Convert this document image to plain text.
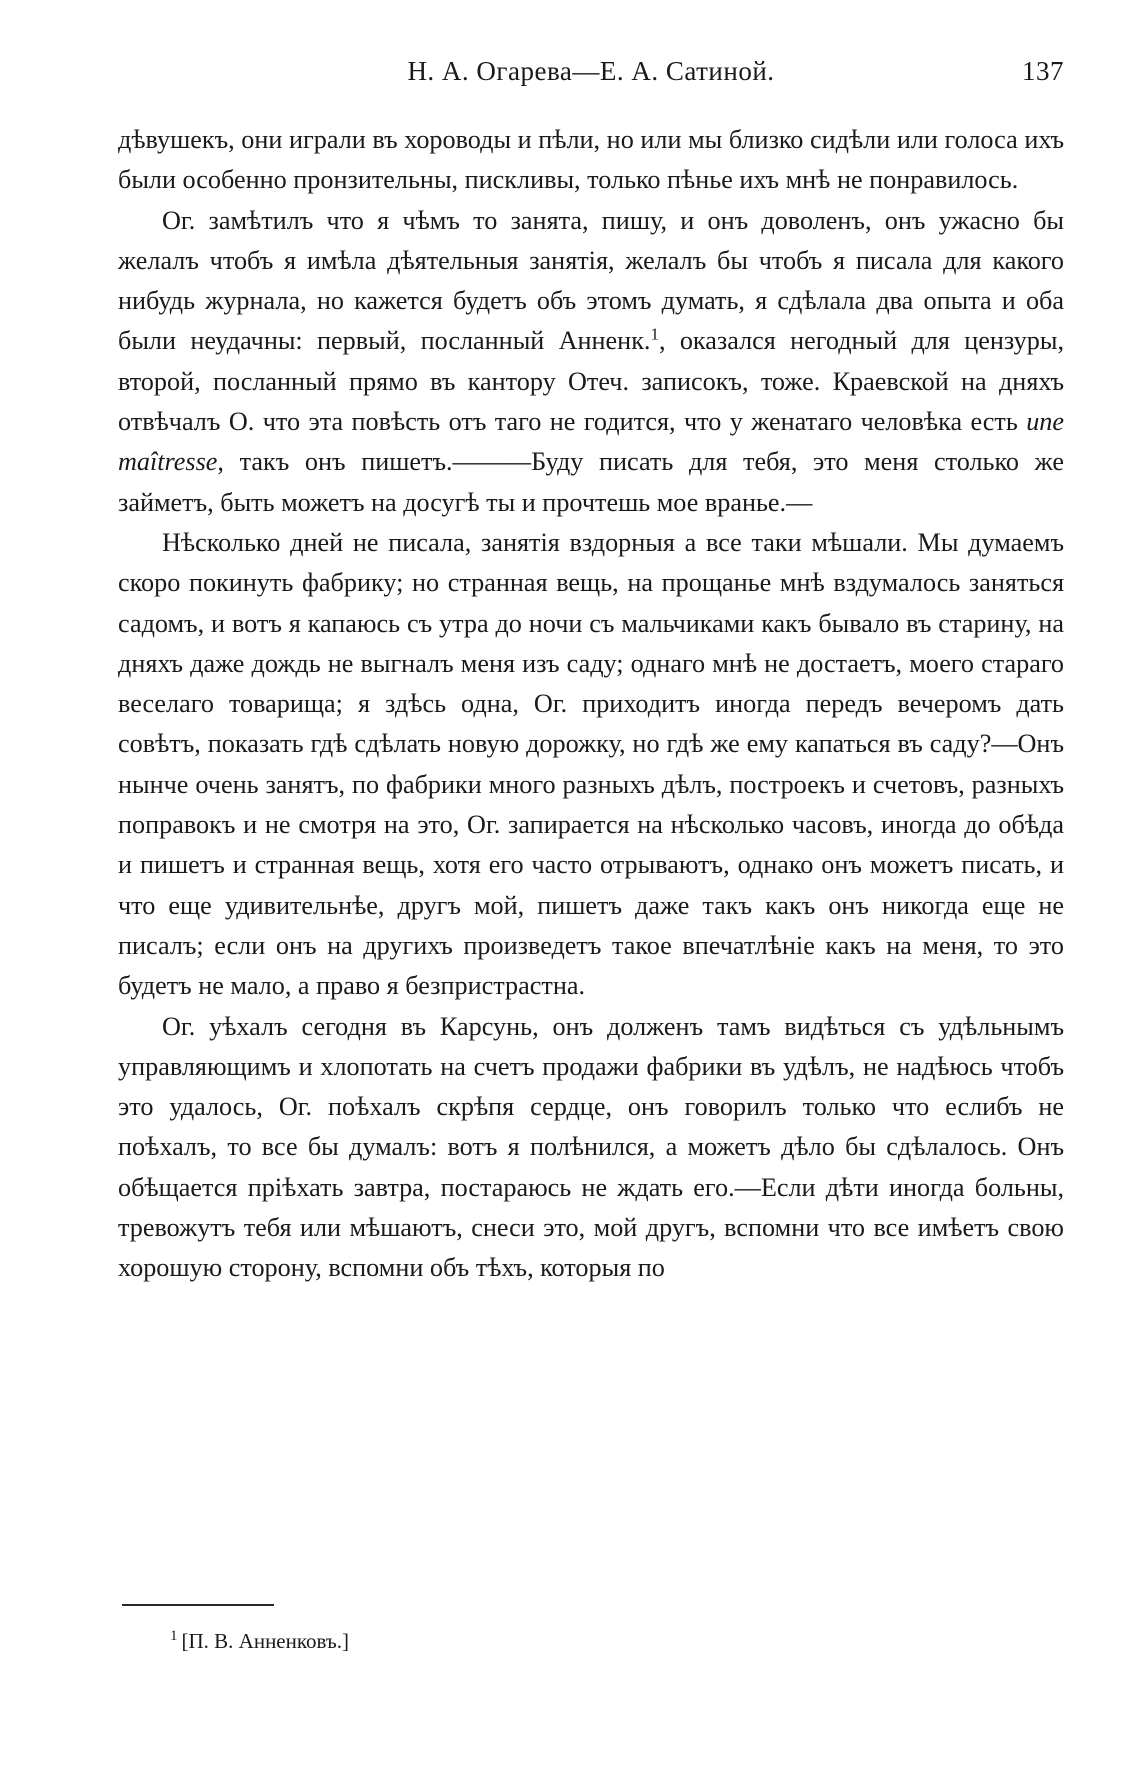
Н. А. Огарева—Е. А. Сатиной.	137

дѣвушекъ, они играли въ хороводы и пѣли, но или мы близко сидѣли или голоса ихъ были особенно пронзительны, пискливы, только пѣнье ихъ мнѣ не понравилось.

Ог. замѣтилъ что я чѣмъ то занята, пишу, и онъ доволенъ, онъ ужасно бы желалъ чтобъ я имѣла дѣятельныя занятія, желалъ бы чтобъ я писала для какого нибудь журнала, но кажется будетъ объ этомъ думать, я сдѣлала два опыта и оба были неудачны: первый, посланный Анненк.$^1$, оказался негодный для цензуры, второй, посланный прямо въ кантору Отеч. записокъ, тоже. Краевской на дняхъ отвѣчалъ О. что эта повѣсть отъ таго не годится, что у женатаго человѣка есть une maîtresse, такъ онъ пишетъ.———Буду писать для тебя, это меня столько же займетъ, быть можетъ на досугѣ ты и прочтешь мое вранье.—

Нѣсколько дней не писала, занятія вздорныя а все таки мѣшали. Мы думаемъ скоро покинуть фабрику; но странная вещь, на прощанье мнѣ вздумалось заняться садомъ, и вотъ я капаюсь съ утра до ночи съ мальчиками какъ бывало въ старину, на дняхъ даже дождь не выгналъ меня изъ саду; однаго мнѣ не достаетъ, моего стараго веселаго товарища; я здѣсь одна, Ог. приходитъ иногда передъ вечеромъ дать совѣтъ, показать гдѣ сдѣлать новую дорожку, но гдѣ же ему капаться въ саду?—Онъ нынче очень занятъ, по фабрики много разныхъ дѣлъ, построекъ и счетовъ, разныхъ поправокъ и не смотря на это, Ог. запирается на нѣсколько часовъ, иногда до обѣда и пишетъ и странная вещь, хотя его часто отрываютъ, однако онъ можетъ писать, и что еще удивительнѣе, другъ мой, пишетъ даже такъ какъ онъ никогда еще не писалъ; если онъ на другихъ произведетъ такое впечатлѣніе какъ на меня, то это будетъ не мало, а право я безпристрастна.

Ог. уѣхалъ сегодня въ Карсунь, онъ долженъ тамъ видѣться съ удѣльнымъ управляющимъ и хлопотать на счетъ продажи фабрики въ удѣлъ, не надѣюсь чтобъ это удалось, Ог. поѣхалъ скрѣпя сердце, онъ говорилъ только что еслибъ не поѣхалъ, то все бы думалъ: вотъ я полѣнился, а можетъ дѣло бы сдѣлалось. Онъ обѣщается пріѣхать завтра, постараюсь не ждать его.—Если дѣти иногда больны, тревожутъ тебя или мѣшаютъ, снеси это, мой другъ, вспомни что все имѣетъ свою хорошую сторону, вспомни объ тѣхъ, которыя по

$^1$ [П. В. Анненковъ.]
